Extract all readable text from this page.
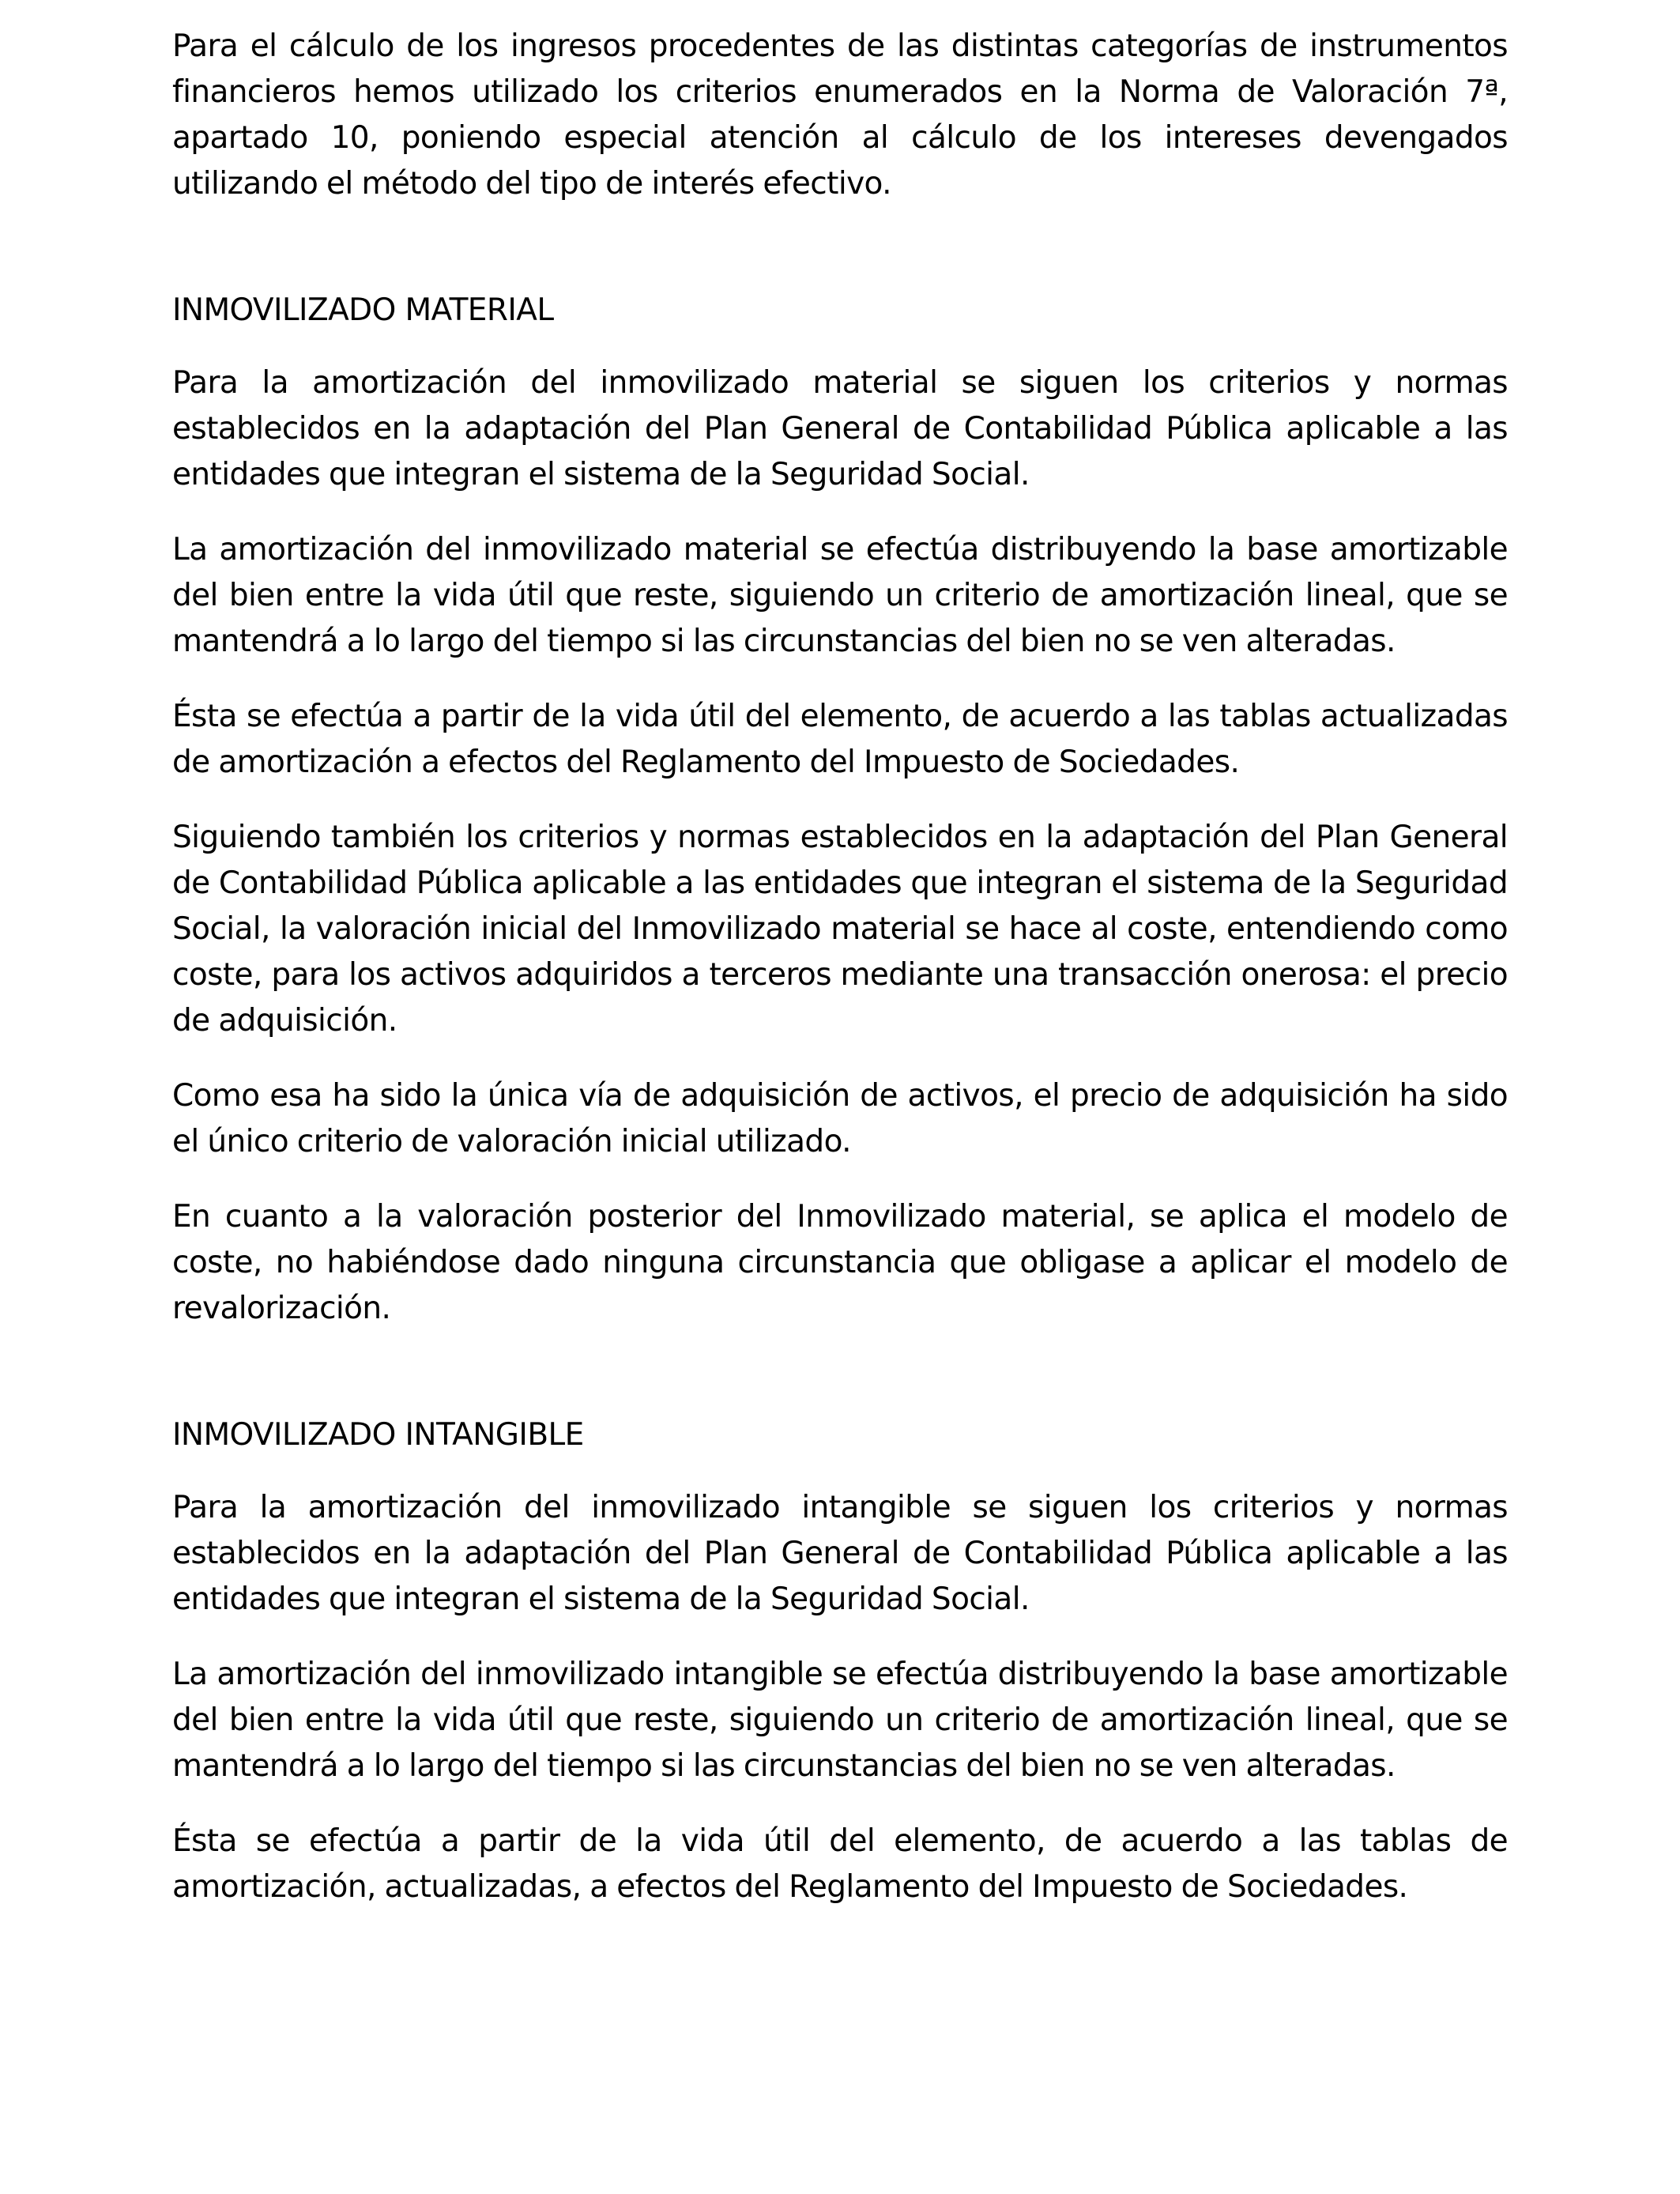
Para el cálculo de los ingresos procedentes de las distintas categorías de instrumentos financieros hemos utilizado los criterios enumerados en la Norma de Valoración 7ª, apartado 10, poniendo especial atención al cálculo de los intereses devengados utilizando el método del tipo de interés efectivo.

INMOVILIZADO MATERIAL

Para la amortización del inmovilizado material se siguen los criterios y normas establecidos en la adaptación del Plan General de Contabilidad Pública aplicable a las entidades que integran el sistema de la Seguridad Social.

La amortización del inmovilizado material se efectúa distribuyendo la base amortizable del bien entre la vida útil que reste, siguiendo un criterio de amortización lineal, que se mantendrá a lo largo del tiempo si las circunstancias del bien no se ven alteradas.

Ésta se efectúa a partir de la vida útil del elemento, de acuerdo a las tablas actualizadas de amortización a efectos del Reglamento del Impuesto de Sociedades.

Siguiendo también los criterios y normas establecidos en la adaptación del Plan General de Contabilidad Pública aplicable a las entidades que integran el sistema de la Seguridad Social, la valoración inicial del Inmovilizado material se hace al coste, entendiendo como coste, para los activos adquiridos a terceros mediante una transacción onerosa: el precio de adquisición.

Como esa ha sido la única vía de adquisición de activos, el precio de adquisición ha sido el único criterio de valoración inicial utilizado.

En cuanto a la valoración posterior del Inmovilizado material, se aplica el modelo de coste, no habiéndose dado ninguna circunstancia que obligase a aplicar el modelo de revalorización.

INMOVILIZADO INTANGIBLE

Para la amortización del inmovilizado intangible se siguen los criterios y normas establecidos en la adaptación del Plan General de Contabilidad Pública aplicable a las entidades que integran el sistema de la Seguridad Social.

La amortización del inmovilizado intangible se efectúa distribuyendo la base amortizable del bien entre la vida útil que reste, siguiendo un criterio de amortización lineal, que se mantendrá a lo largo del tiempo si las circunstancias del bien no se ven alteradas.

Ésta se efectúa a partir de la vida útil del elemento, de acuerdo a las tablas de amortización, actualizadas, a efectos del Reglamento del Impuesto de Sociedades.
